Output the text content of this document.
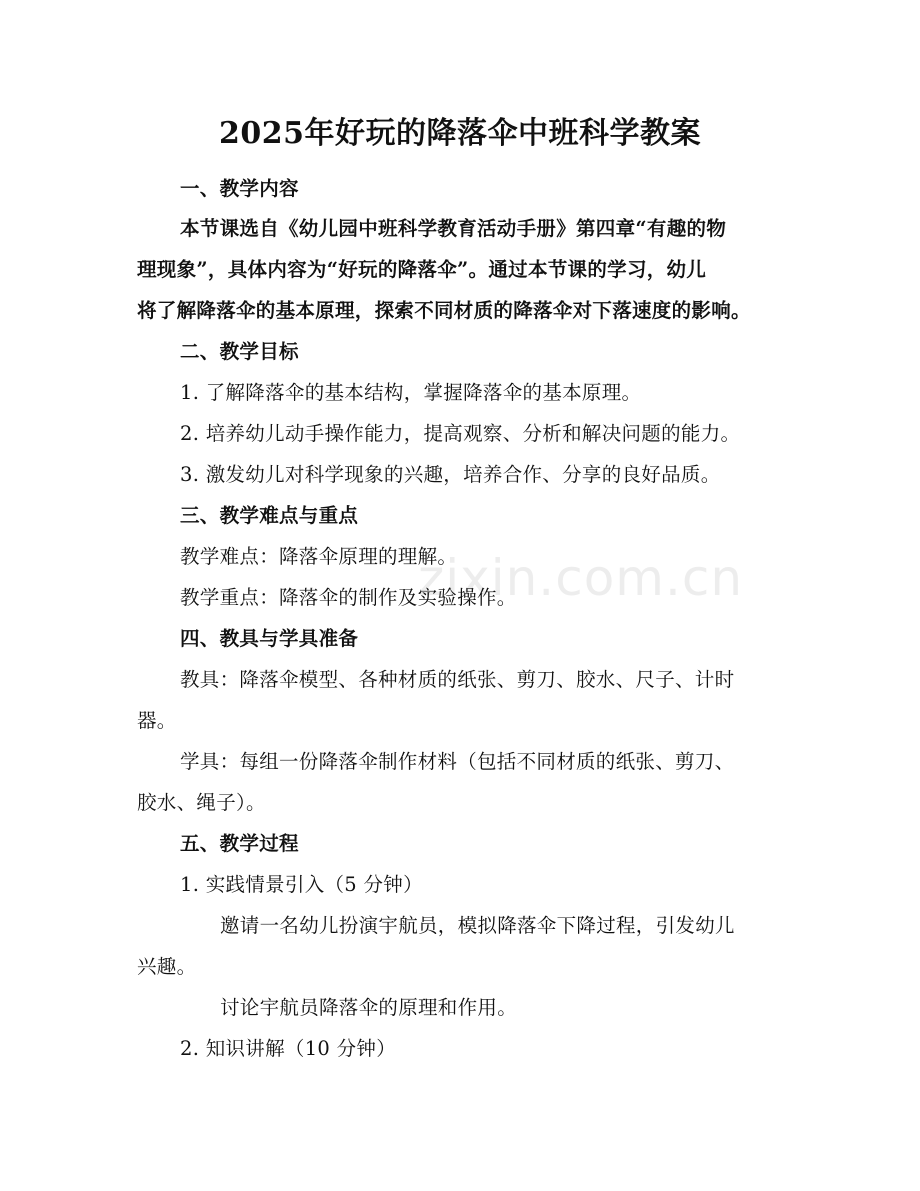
zixin.com.cn
2025年好玩的降落伞中班科学教案
一、教学内容
本节课选自《幼儿园中班科学教育活动手册》第四章“有趣的物
理现象”，具体内容为“好玩的降落伞”。通过本节课的学习，幼儿
将了解降落伞的基本原理，探索不同材质的降落伞对下落速度的影响。
二、教学目标
1. 了解降落伞的基本结构，掌握降落伞的基本原理。
2. 培养幼儿动手操作能力，提高观察、分析和解决问题的能力。
3. 激发幼儿对科学现象的兴趣，培养合作、分享的良好品质。
三、教学难点与重点
教学难点：降落伞原理的理解。
教学重点：降落伞的制作及实验操作。
四、教具与学具准备
教具：降落伞模型、各种材质的纸张、剪刀、胶水、尺子、计时
器。
学具：每组一份降落伞制作材料（包括不同材质的纸张、剪刀、
胶水、绳子）。
五、教学过程
1. 实践情景引入（5 分钟）
邀请一名幼儿扮演宇航员，模拟降落伞下降过程，引发幼儿
兴趣。
讨论宇航员降落伞的原理和作用。
2. 知识讲解（10 分钟）
